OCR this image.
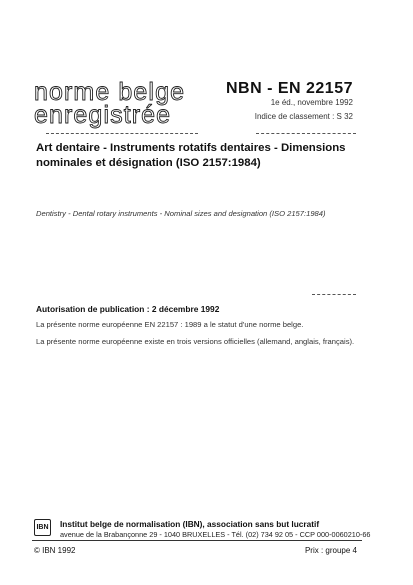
norme belge
enregistrée
NBN - EN 22157
1e éd., novembre 1992
Indice de classement : S 32
Art dentaire - Instruments rotatifs dentaires - Dimensions nominales et désignation (ISO 2157:1984)
Dentistry - Dental rotary instruments - Nominal sizes and designation (ISO 2157:1984)
Autorisation de publication : 2 décembre 1992
La présente norme européenne EN 22157 : 1989 a le statut d'une norme belge.
La présente norme européenne existe en trois versions officielles (allemand, anglais, français).
IBN Institut belge de normalisation (IBN), association sans but lucratif
avenue de la Brabançonne 29 - 1040 BRUXELLES - Tél. (02) 734 92 05 - CCP 000-0060210-66
© IBN 1992	Prix : groupe 4
